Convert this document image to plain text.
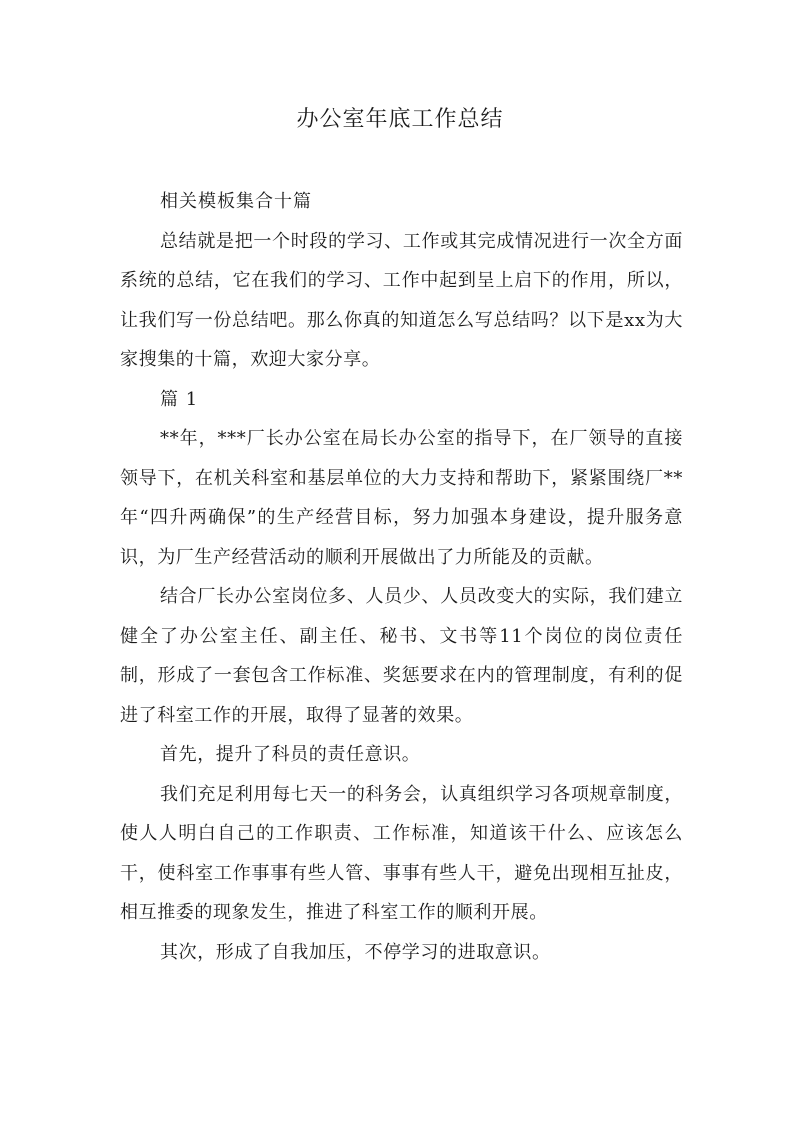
办公室年底工作总结

相关模板集合十篇

总结就是把一个时段的学习、工作或其完成情况进行一次全方面系统的总结，它在我们的学习、工作中起到呈上启下的作用，所以，让我们写一份总结吧。那么你真的知道怎么写总结吗？以下是xx为大家搜集的十篇，欢迎大家分享。

篇 1

**年，***厂长办公室在局长办公室的指导下，在厂领导的直接领导下，在机关科室和基层单位的大力支持和帮助下，紧紧围绕厂**年“四升两确保”的生产经营目标，努力加强本身建设，提升服务意识，为厂生产经营活动的顺利开展做出了力所能及的贡献。

结合厂长办公室岗位多、人员少、人员改变大的实际，我们建立健全了办公室主任、副主任、秘书、文书等11个岗位的岗位责任制，形成了一套包含工作标准、奖惩要求在内的管理制度，有利的促进了科室工作的开展，取得了显著的效果。

首先，提升了科员的责任意识。

我们充足利用每七天一的科务会，认真组织学习各项规章制度，使人人明白自己的工作职责、工作标准，知道该干什么、应该怎么干，使科室工作事事有些人管、事事有些人干，避免出现相互扯皮，相互推委的现象发生，推进了科室工作的顺利开展。

其次，形成了自我加压，不停学习的进取意识。
